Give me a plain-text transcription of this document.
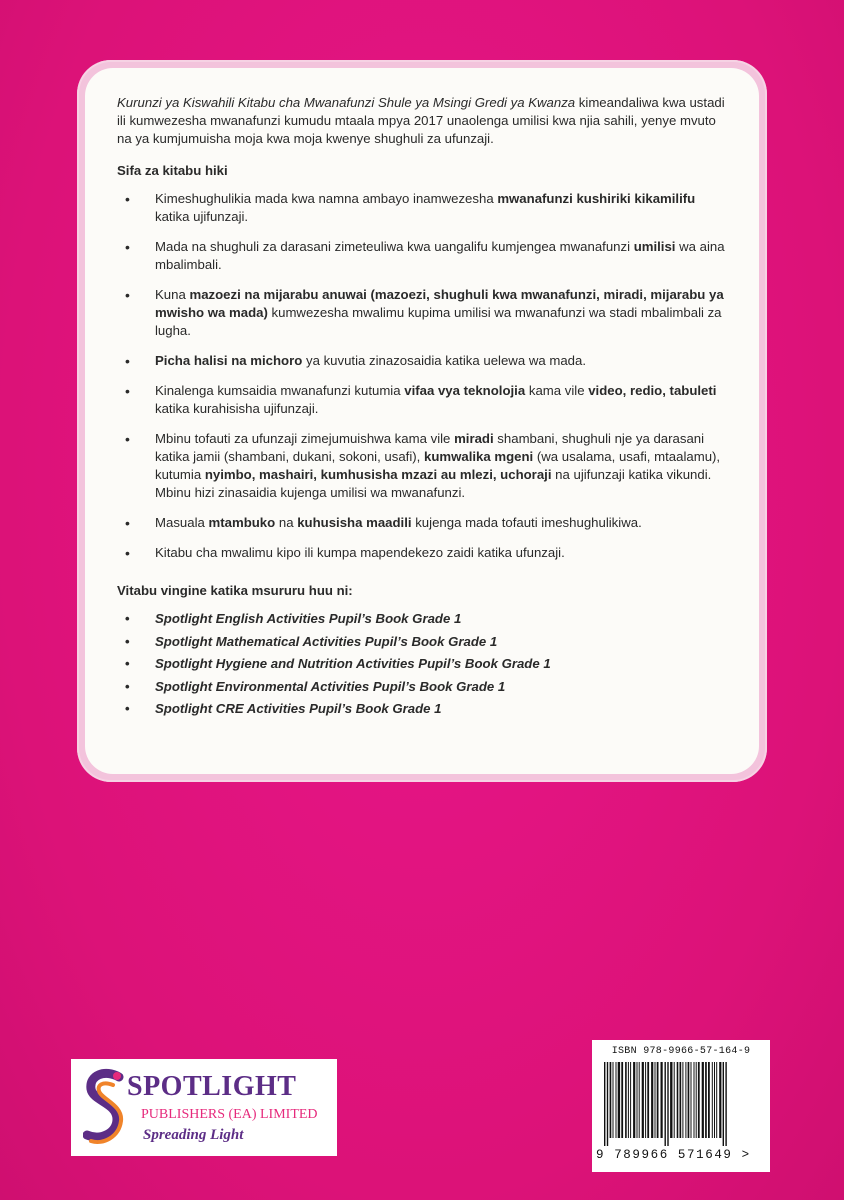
Kurunzi ya Kiswahili Kitabu cha Mwanafunzi Shule ya Msingi Gredi ya Kwanza kimeandaliwa kwa ustadi ili kumwezesha mwanafunzi kumudu mtaala mpya 2017 unaolenga umilisi kwa njia sahili, yenye mvuto na ya kumjumuisha moja kwa moja kwenye shughuli za ufunzaji.

Sifa za kitabu hiki
• Kimeshughulikia mada kwa namna ambayo inamwezesha mwanafunzi kushiriki kikamilifu katika ujifunzaji.
• Mada na shughuli za darasani zimeteuliwa kwa uangalifu kumjengea mwanafunzi umilisi wa aina mbalimbali.
• Kuna mazoezi na mijarabu anuwai (mazoezi, shughuli kwa mwanafunzi, miradi, mijarabu ya mwisho wa mada) kumwezesha mwalimu kupima umilisi wa mwanafunzi wa stadi mbalimbali za lugha.
• Picha halisi na michoro ya kuvutia zinazosaidia katika uelewa wa mada.
• Kinalenga kumsaidia mwanafunzi kutumia vifaa vya teknolojia kama vile video, redio, tabuleti katika kurahisisha ujifunzaji.
• Mbinu tofauti za ufunzaji zimejumuishwa kama vile miradi shambani, shughuli nje ya darasani katika jamii (shambani, dukani, sokoni, usafi), kumwalika mgeni (wa usalama, usafi, mtaalamu), kutumia nyimbo, mashairi, kumhusisha mzazi au mlezi, uchoraji na ujifunzaji katika vikundi. Mbinu hizi zinasaidia kujenga umilisi wa mwanafunzi.
• Masuala mtambuko na kuhusisha maadili kujenga mada tofauti imeshughulikiwa.
• Kitabu cha mwalimu kipo ili kumpa mapendekezo zaidi katika ufunzaji.
Vitabu vingine katika msururu huu ni:
• Spotlight English Activities Pupil’s Book Grade 1
• Spotlight Mathematical Activities Pupil’s Book Grade 1
• Spotlight Hygiene and Nutrition Activities Pupil’s Book Grade 1
• Spotlight Environmental Activities Pupil’s Book Grade 1
• Spotlight CRE Activities Pupil’s Book Grade 1
SPOTLIGHT
PUBLISHERS (EA) LIMITED
Spreading Light
ISBN 978-9966-57-164-9
9 789966 571649 >
